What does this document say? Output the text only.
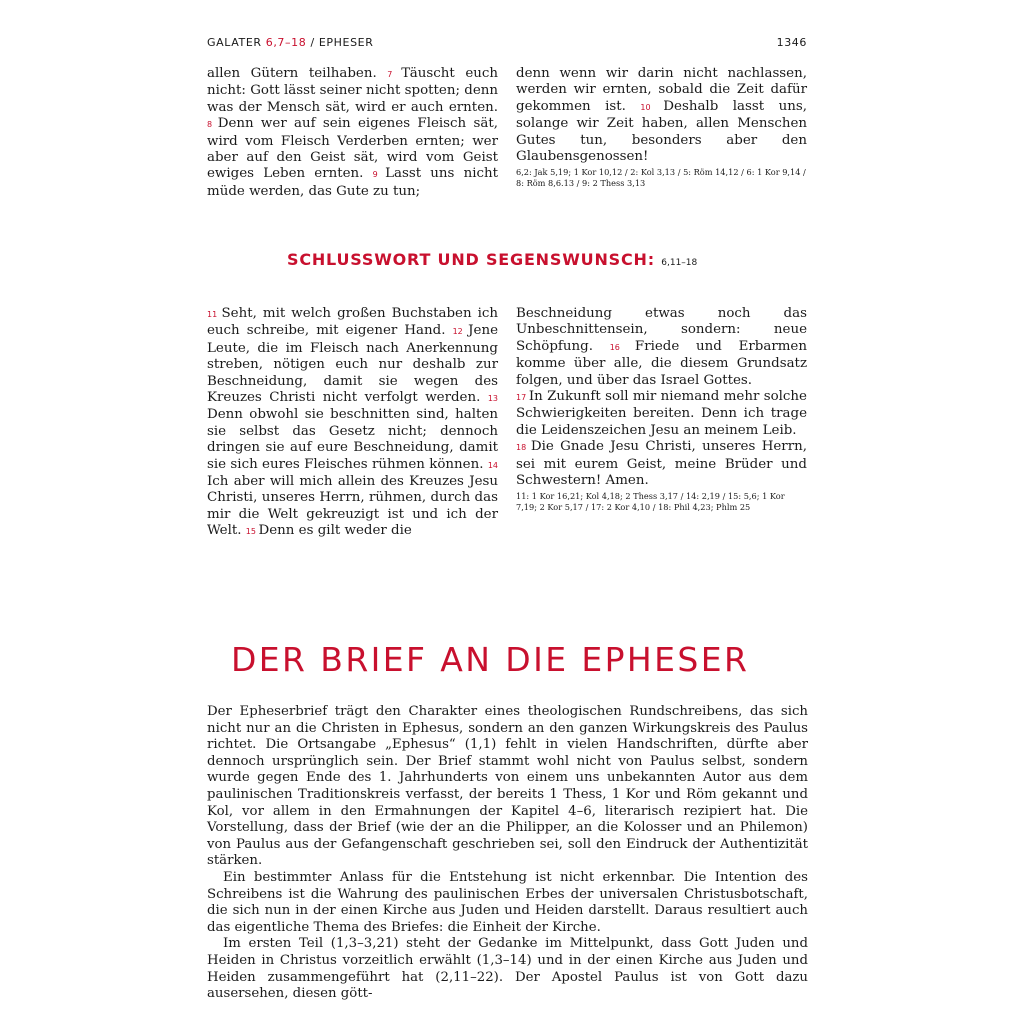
GALATER 6,7–18 / EPHESER	1346

allen Gütern teilhaben. 7 Täuscht euch nicht: Gott lässt seiner nicht spotten; denn was der Mensch sät, wird er auch ernten. 8 Denn wer auf sein eigenes Fleisch sät, wird vom Fleisch Verderben ernten; wer aber auf den Geist sät, wird vom Geist ewiges Leben ernten. 9 Lasst uns nicht müde werden, das Gute zu tun;

denn wenn wir darin nicht nachlassen, werden wir ernten, sobald die Zeit dafür gekommen ist. 10 Deshalb lasst uns, solange wir Zeit haben, allen Menschen Gutes tun, besonders aber den Glaubensgenossen!

6,2: Jak 5,19; 1 Kor 10,12 / 2: Kol 3,13 / 5: Röm 14,12 / 6: 1 Kor 9,14 / 8: Röm 8,6.13 / 9: 2 Thess 3,13

SCHLUSSWORT UND SEGENSWUNSCH: 6,11–18

11 Seht, mit welch großen Buchstaben ich euch schreibe, mit eigener Hand. 12 Jene Leute, die im Fleisch nach Anerkennung streben, nötigen euch nur deshalb zur Beschneidung, damit sie wegen des Kreuzes Christi nicht verfolgt werden. 13 Denn obwohl sie beschnitten sind, halten sie selbst das Gesetz nicht; dennoch dringen sie auf eure Beschneidung, damit sie sich eures Fleisches rühmen können. 14 Ich aber will mich allein des Kreuzes Jesu Christi, unseres Herrn, rühmen, durch das mir die Welt gekreuzigt ist und ich der Welt. 15 Denn es gilt weder die

Beschneidung etwas noch das Unbeschnittensein, sondern: neue Schöpfung. 16 Friede und Erbarmen komme über alle, die diesem Grundsatz folgen, und über das Israel Gottes.

17 In Zukunft soll mir niemand mehr solche Schwierigkeiten bereiten. Denn ich trage die Leidenszeichen Jesu an meinem Leib.

18 Die Gnade Jesu Christi, unseres Herrn, sei mit eurem Geist, meine Brüder und Schwestern! Amen.

11: 1 Kor 16,21; Kol 4,18; 2 Thess 3,17 / 14: 2,19 / 15: 5,6; 1 Kor 7,19; 2 Kor 5,17 / 17: 2 Kor 4,10 / 18: Phil 4,23; Phlm 25

DER BRIEF AN DIE EPHESER

Der Epheserbrief trägt den Charakter eines theologischen Rundschreibens, das sich nicht nur an die Christen in Ephesus, sondern an den ganzen Wirkungskreis des Paulus richtet. Die Ortsangabe „Ephesus“ (1,1) fehlt in vielen Handschriften, dürfte aber dennoch ursprünglich sein. Der Brief stammt wohl nicht von Paulus selbst, sondern wurde gegen Ende des 1. Jahrhunderts von einem uns unbekannten Autor aus dem paulinischen Traditionskreis verfasst, der bereits 1 Thess, 1 Kor und Röm gekannt und Kol, vor allem in den Ermahnungen der Kapitel 4–6, literarisch rezipiert hat. Die Vorstellung, dass der Brief (wie der an die Philipper, an die Kolosser und an Philemon) von Paulus aus der Gefangenschaft geschrieben sei, soll den Eindruck der Authentizität stärken.

Ein bestimmter Anlass für die Entstehung ist nicht erkennbar. Die Intention des Schreibens ist die Wahrung des paulinischen Erbes der universalen Christusbotschaft, die sich nun in der einen Kirche aus Juden und Heiden darstellt. Daraus resultiert auch das eigentliche Thema des Briefes: die Einheit der Kirche.

Im ersten Teil (1,3–3,21) steht der Gedanke im Mittelpunkt, dass Gott Juden und Heiden in Christus vorzeitlich erwählt (1,3–14) und in der einen Kirche aus Juden und Heiden zusammengeführt hat (2,11–22). Der Apostel Paulus ist von Gott dazu ausersehen, diesen gött-
